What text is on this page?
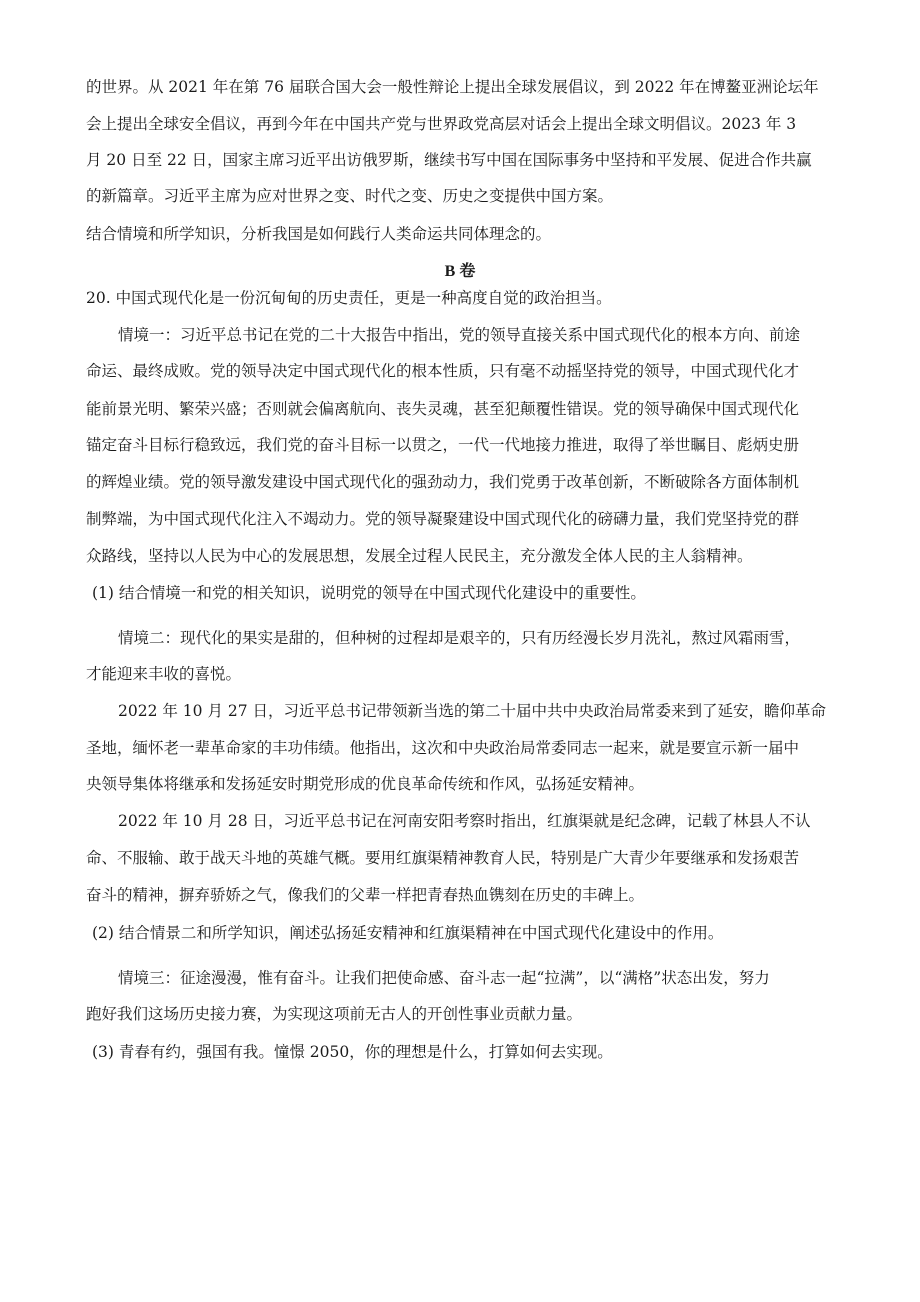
的世界。从 2021 年在第 76 届联合国大会一般性辩论上提出全球发展倡议，到 2022 年在博鳌亚洲论坛年
会上提出全球安全倡议，再到今年在中国共产党与世界政党高层对话会上提出全球文明倡议。2023 年 3
月 20 日至 22 日，国家主席习近平出访俄罗斯，继续书写中国在国际事务中坚持和平发展、促进合作共赢
的新篇章。习近平主席为应对世界之变、时代之变、历史之变提供中国方案。
结合情境和所学知识，分析我国是如何践行人类命运共同体理念的。
B 卷
20. 中国式现代化是一份沉甸甸的历史责任，更是一种高度自觉的政治担当。
情境一：习近平总书记在党的二十大报告中指出，党的领导直接关系中国式现代化的根本方向、前途
命运、最终成败。党的领导决定中国式现代化的根本性质，只有毫不动摇坚持党的领导，中国式现代化才
能前景光明、繁荣兴盛；否则就会偏离航向、丧失灵魂，甚至犯颠覆性错误。党的领导确保中国式现代化
锚定奋斗目标行稳致远，我们党的奋斗目标一以贯之，一代一代地接力推进，取得了举世瞩目、彪炳史册
的辉煌业绩。党的领导激发建设中国式现代化的强劲动力，我们党勇于改革创新，不断破除各方面体制机
制弊端，为中国式现代化注入不竭动力。党的领导凝聚建设中国式现代化的磅礴力量，我们党坚持党的群
众路线，坚持以人民为中心的发展思想，发展全过程人民民主，充分激发全体人民的主人翁精神。
(1) 结合情境一和党的相关知识，说明党的领导在中国式现代化建设中的重要性。
情境二：现代化的果实是甜的，但种树的过程却是艰辛的，只有历经漫长岁月洗礼，熬过风霜雨雪，
才能迎来丰收的喜悦。
2022 年 10 月 27 日，习近平总书记带领新当选的第二十届中共中央政治局常委来到了延安，瞻仰革命
圣地，缅怀老一辈革命家的丰功伟绩。他指出，这次和中央政治局常委同志一起来，就是要宣示新一届中
央领导集体将继承和发扬延安时期党形成的优良革命传统和作风，弘扬延安精神。
2022 年 10 月 28 日，习近平总书记在河南安阳考察时指出，红旗渠就是纪念碑，记载了林县人不认
命、不服输、敢于战天斗地的英雄气概。要用红旗渠精神教育人民，特别是广大青少年要继承和发扬艰苦
奋斗的精神，摒弃骄娇之气，像我们的父辈一样把青春热血镌刻在历史的丰碑上。
(2) 结合情景二和所学知识，阐述弘扬延安精神和红旗渠精神在中国式现代化建设中的作用。
情境三：征途漫漫，惟有奋斗。让我们把使命感、奋斗志一起“拉满”，以“满格”状态出发，努力
跑好我们这场历史接力赛，为实现这项前无古人的开创性事业贡献力量。
(3) 青春有约，强国有我。憧憬 2050，你的理想是什么，打算如何去实现。
